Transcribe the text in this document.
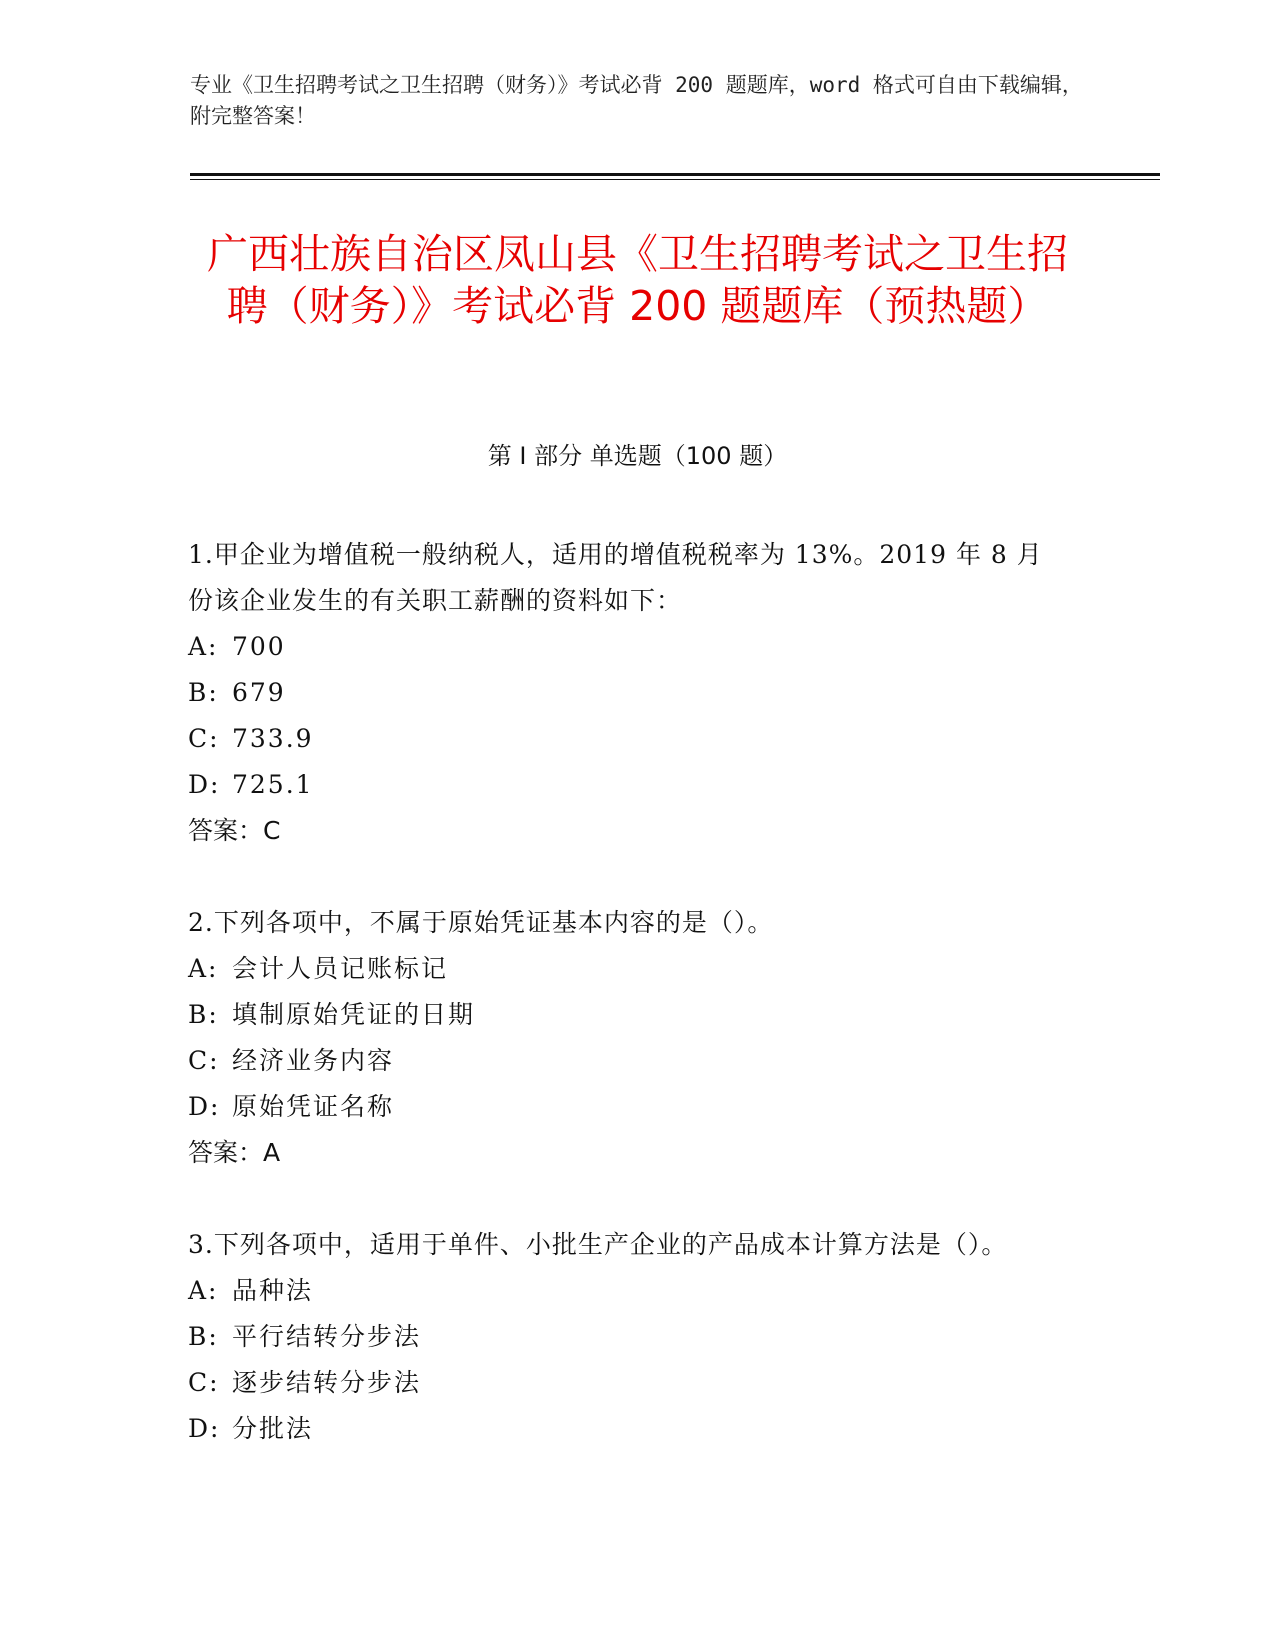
专业《卫生招聘考试之卫生招聘（财务）》考试必背 200 题题库，word 格式可自由下载编辑，附完整答案！
广西壮族自治区凤山县《卫生招聘考试之卫生招聘（财务）》考试必背 200 题题库（预热题）
第 I 部分 单选题（100 题）
1.甲企业为增值税一般纳税人，适用的增值税税率为 13%。2019 年 8 月份该企业发生的有关职工薪酬的资料如下：
A: 700
B: 679
C: 733.9
D: 725.1
答案：C
2.下列各项中，不属于原始凭证基本内容的是（）。
A: 会计人员记账标记
B: 填制原始凭证的日期
C: 经济业务内容
D: 原始凭证名称
答案：A
3.下列各项中，适用于单件、小批生产企业的产品成本计算方法是（）。
A: 品种法
B: 平行结转分步法
C: 逐步结转分步法
D: 分批法
